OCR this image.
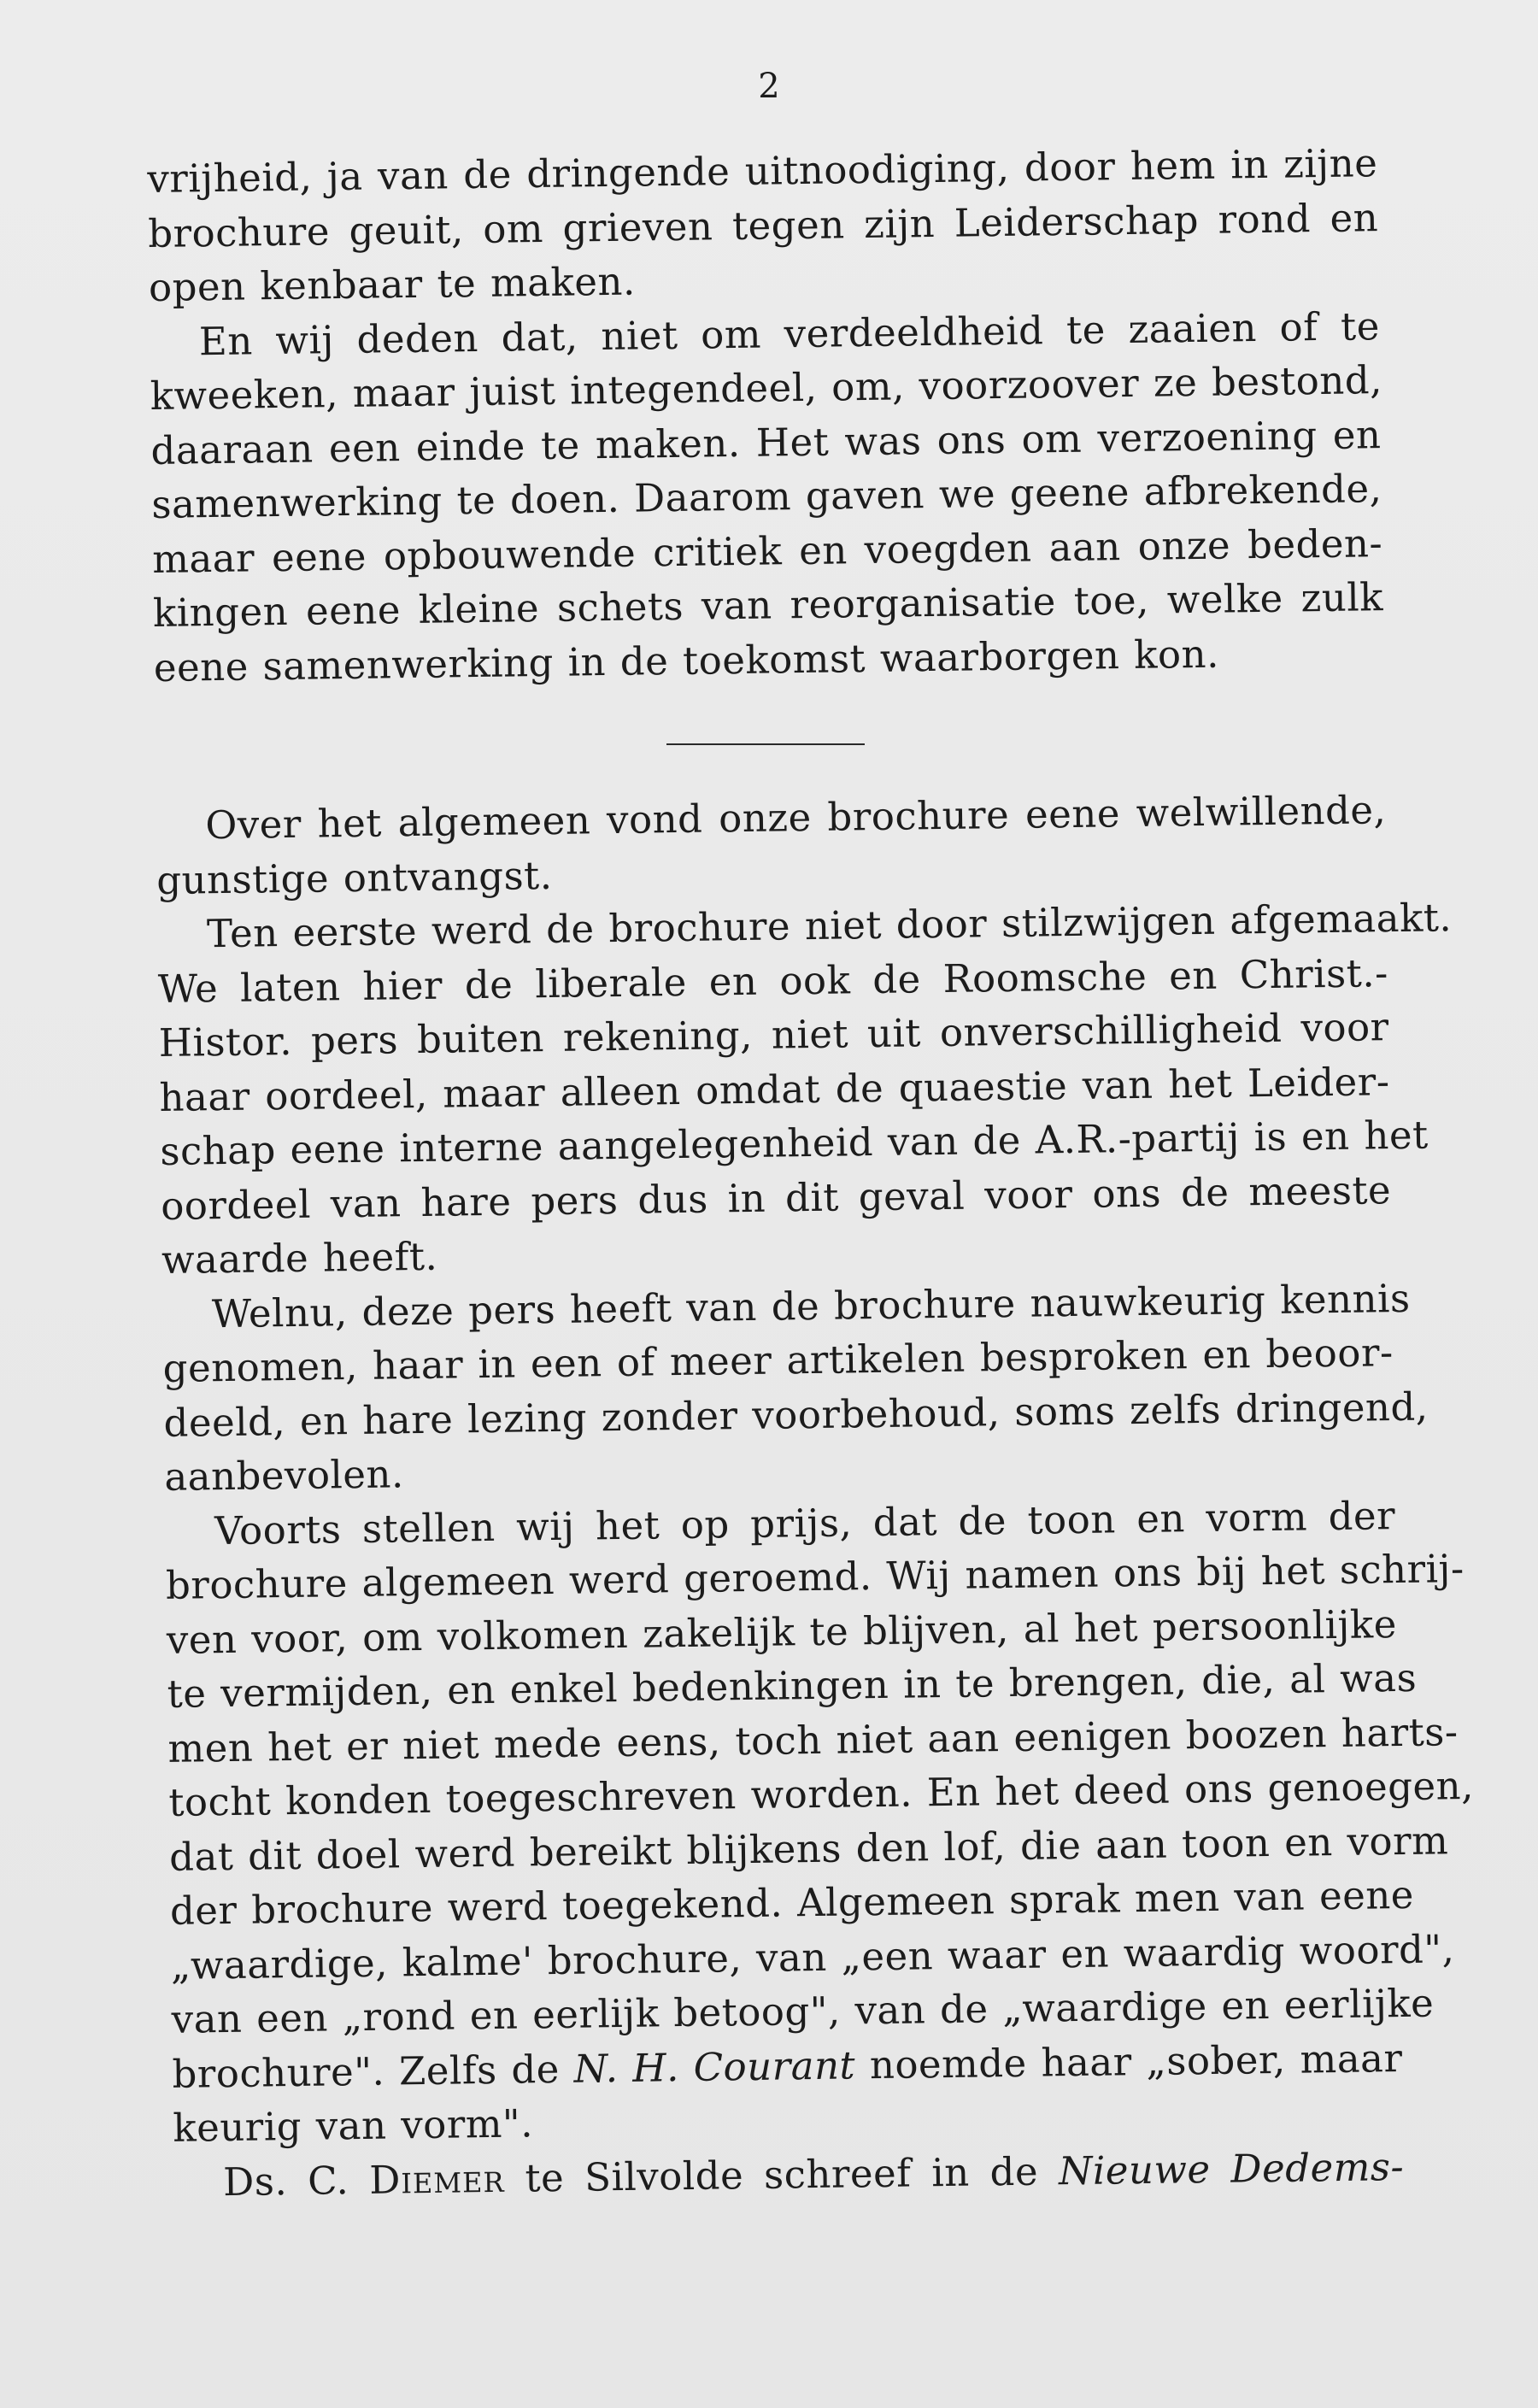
2
vrijheid, ja van de dringende uitnoodiging, door hem in zijne
brochure geuit, om grieven tegen zijn Leiderschap rond en
open kenbaar te maken.
En wij deden dat, niet om verdeeldheid te zaaien of te
kweeken, maar juist integendeel, om, voorzoover ze bestond,
daaraan een einde te maken. Het was ons om verzoening en
samenwerking te doen. Daarom gaven we geene afbrekende,
maar eene opbouwende critiek en voegden aan onze beden-
kingen eene kleine schets van reorganisatie toe, welke zulk
eene samenwerking in de toekomst waarborgen kon.
Over het algemeen vond onze brochure eene welwillende,
gunstige ontvangst.
Ten eerste werd de brochure niet door stilzwijgen afgemaakt.
We laten hier de liberale en ook de Roomsche en Christ.-
Histor. pers buiten rekening, niet uit onverschilligheid voor
haar oordeel, maar alleen omdat de quaestie van het Leider-
schap eene interne aangelegenheid van de A.R.-partij is en het
oordeel van hare pers dus in dit geval voor ons de meeste
waarde heeft.
Welnu, deze pers heeft van de brochure nauwkeurig kennis
genomen, haar in een of meer artikelen besproken en beoor-
deeld, en hare lezing zonder voorbehoud, soms zelfs dringend,
aanbevolen.
Voorts stellen wij het op prijs, dat de toon en vorm der
brochure algemeen werd geroemd. Wij namen ons bij het schrij-
ven voor, om volkomen zakelijk te blijven, al het persoonlijke
te vermijden, en enkel bedenkingen in te brengen, die, al was
men het er niet mede eens, toch niet aan eenigen boozen harts-
tocht konden toegeschreven worden. En het deed ons genoegen,
dat dit doel werd bereikt blijkens den lof, die aan toon en vorm
der brochure werd toegekend. Algemeen sprak men van eene
„waardige, kalme' brochure, van „een waar en waardig woord",
van een „rond en eerlijk betoog", van de „waardige en eerlijke
brochure". Zelfs de N. H. Courant noemde haar „sober, maar
keurig van vorm".
Ds. C. Diemer te Silvolde schreef in de Nieuwe Dedems-
